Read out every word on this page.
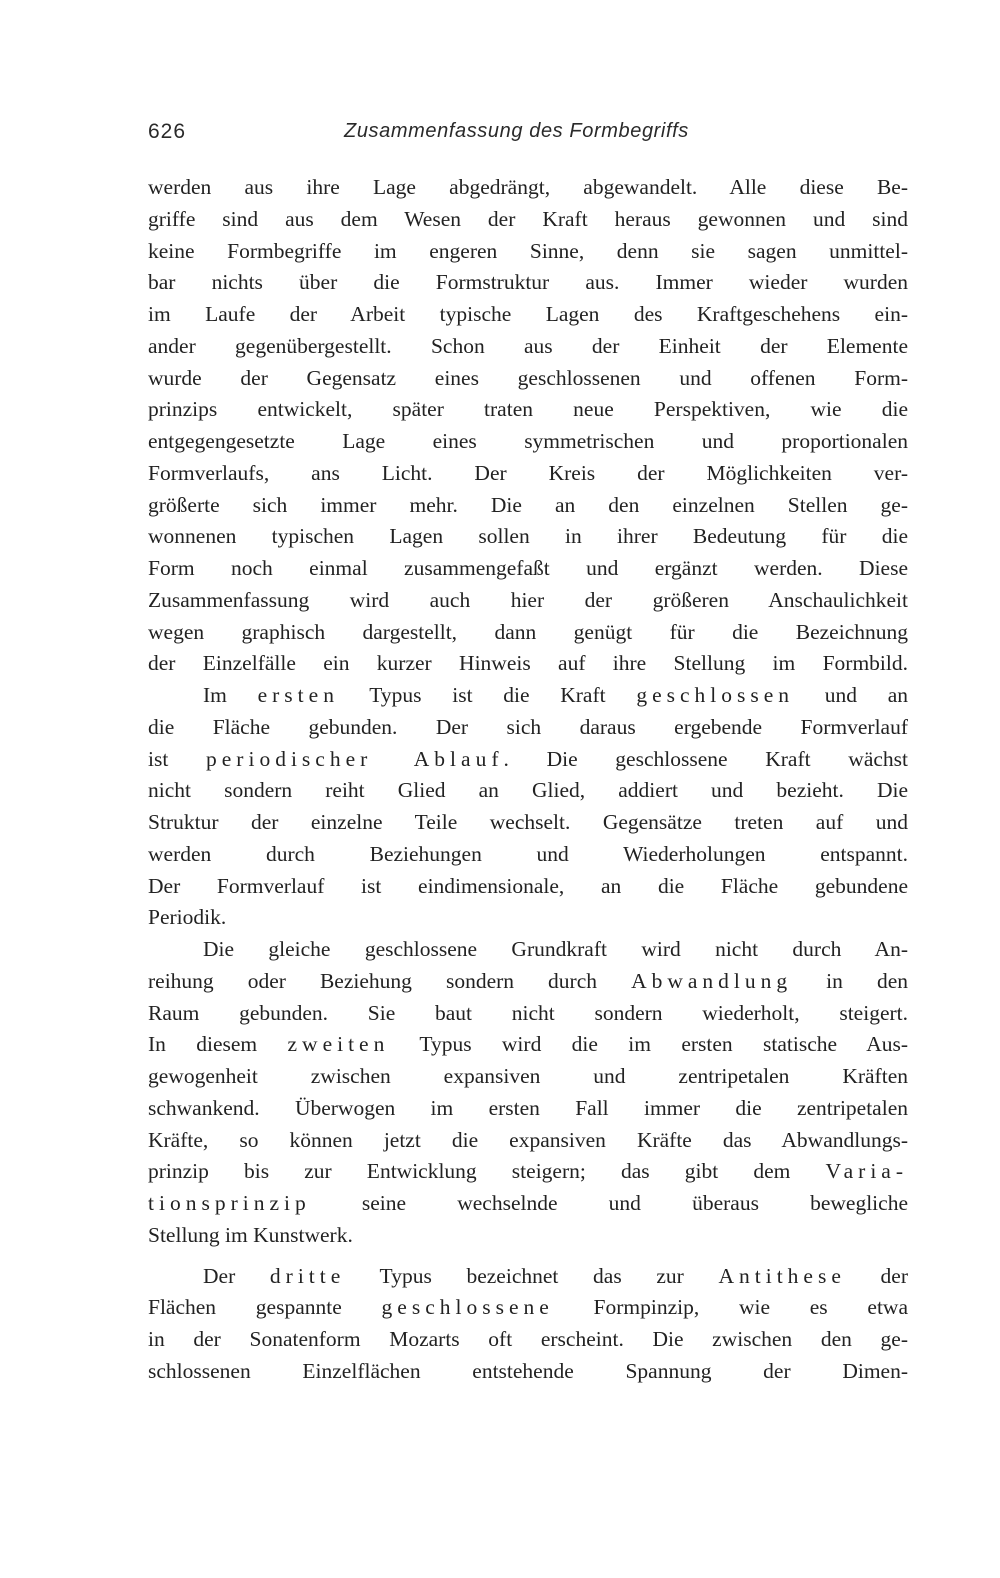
626	Zusammenfassung des Formbegriffs
werden aus ihre Lage abgedrängt, abgewandelt. Alle diese Be-
griffe sind aus dem Wesen der Kraft heraus gewonnen und sind
keine Formbegriffe im engeren Sinne, denn sie sagen unmittel-
bar nichts über die Formstruktur aus. Immer wieder wurden
im Laufe der Arbeit typische Lagen des Kraftgeschehens ein-
ander gegenübergestellt. Schon aus der Einheit der Elemente
wurde der Gegensatz eines geschlossenen und offenen Form-
prinzips entwickelt, später traten neue Perspektiven, wie die
entgegengesetzte Lage eines symmetrischen und proportionalen
Formverlaufs, ans Licht. Der Kreis der Möglichkeiten ver-
größerte sich immer mehr. Die an den einzelnen Stellen ge-
wonnenen typischen Lagen sollen in ihrer Bedeutung für die
Form noch einmal zusammengefaßt und ergänzt werden. Diese
Zusammenfassung wird auch hier der größeren Anschaulichkeit
wegen graphisch dargestellt, dann genügt für die Bezeichnung
der Einzelfälle ein kurzer Hinweis auf ihre Stellung im Formbild.
Im ersten Typus ist die Kraft geschlossen und an
die Fläche gebunden. Der sich daraus ergebende Formverlauf
ist periodischer Ablauf. Die geschlossene Kraft wächst
nicht sondern reiht Glied an Glied, addiert und bezieht. Die
Struktur der einzelne Teile wechselt. Gegensätze treten auf und
werden durch Beziehungen und Wiederholungen entspannt.
Der Formverlauf ist eindimensionale, an die Fläche gebundene
Periodik.
Die gleiche geschlossene Grundkraft wird nicht durch An-
reihung oder Beziehung sondern durch Abwandlung in den
Raum gebunden. Sie baut nicht sondern wiederholt, steigert.
In diesem zweiten Typus wird die im ersten statische Aus-
gewogenheit zwischen expansiven und zentripetalen Kräften
schwankend. Überwogen im ersten Fall immer die zentripetalen
Kräfte, so können jetzt die expansiven Kräfte das Abwandlungs-
prinzip bis zur Entwicklung steigern; das gibt dem Varia-
tionsprinzip seine wechselnde und überaus bewegliche
Stellung im Kunstwerk.
Der dritte Typus bezeichnet das zur Antithese der
Flächen gespannte geschlossene Formpinzip, wie es etwa
in der Sonatenform Mozarts oft erscheint. Die zwischen den ge-
schlossenen Einzelflächen entstehende Spannung der Dimen-
